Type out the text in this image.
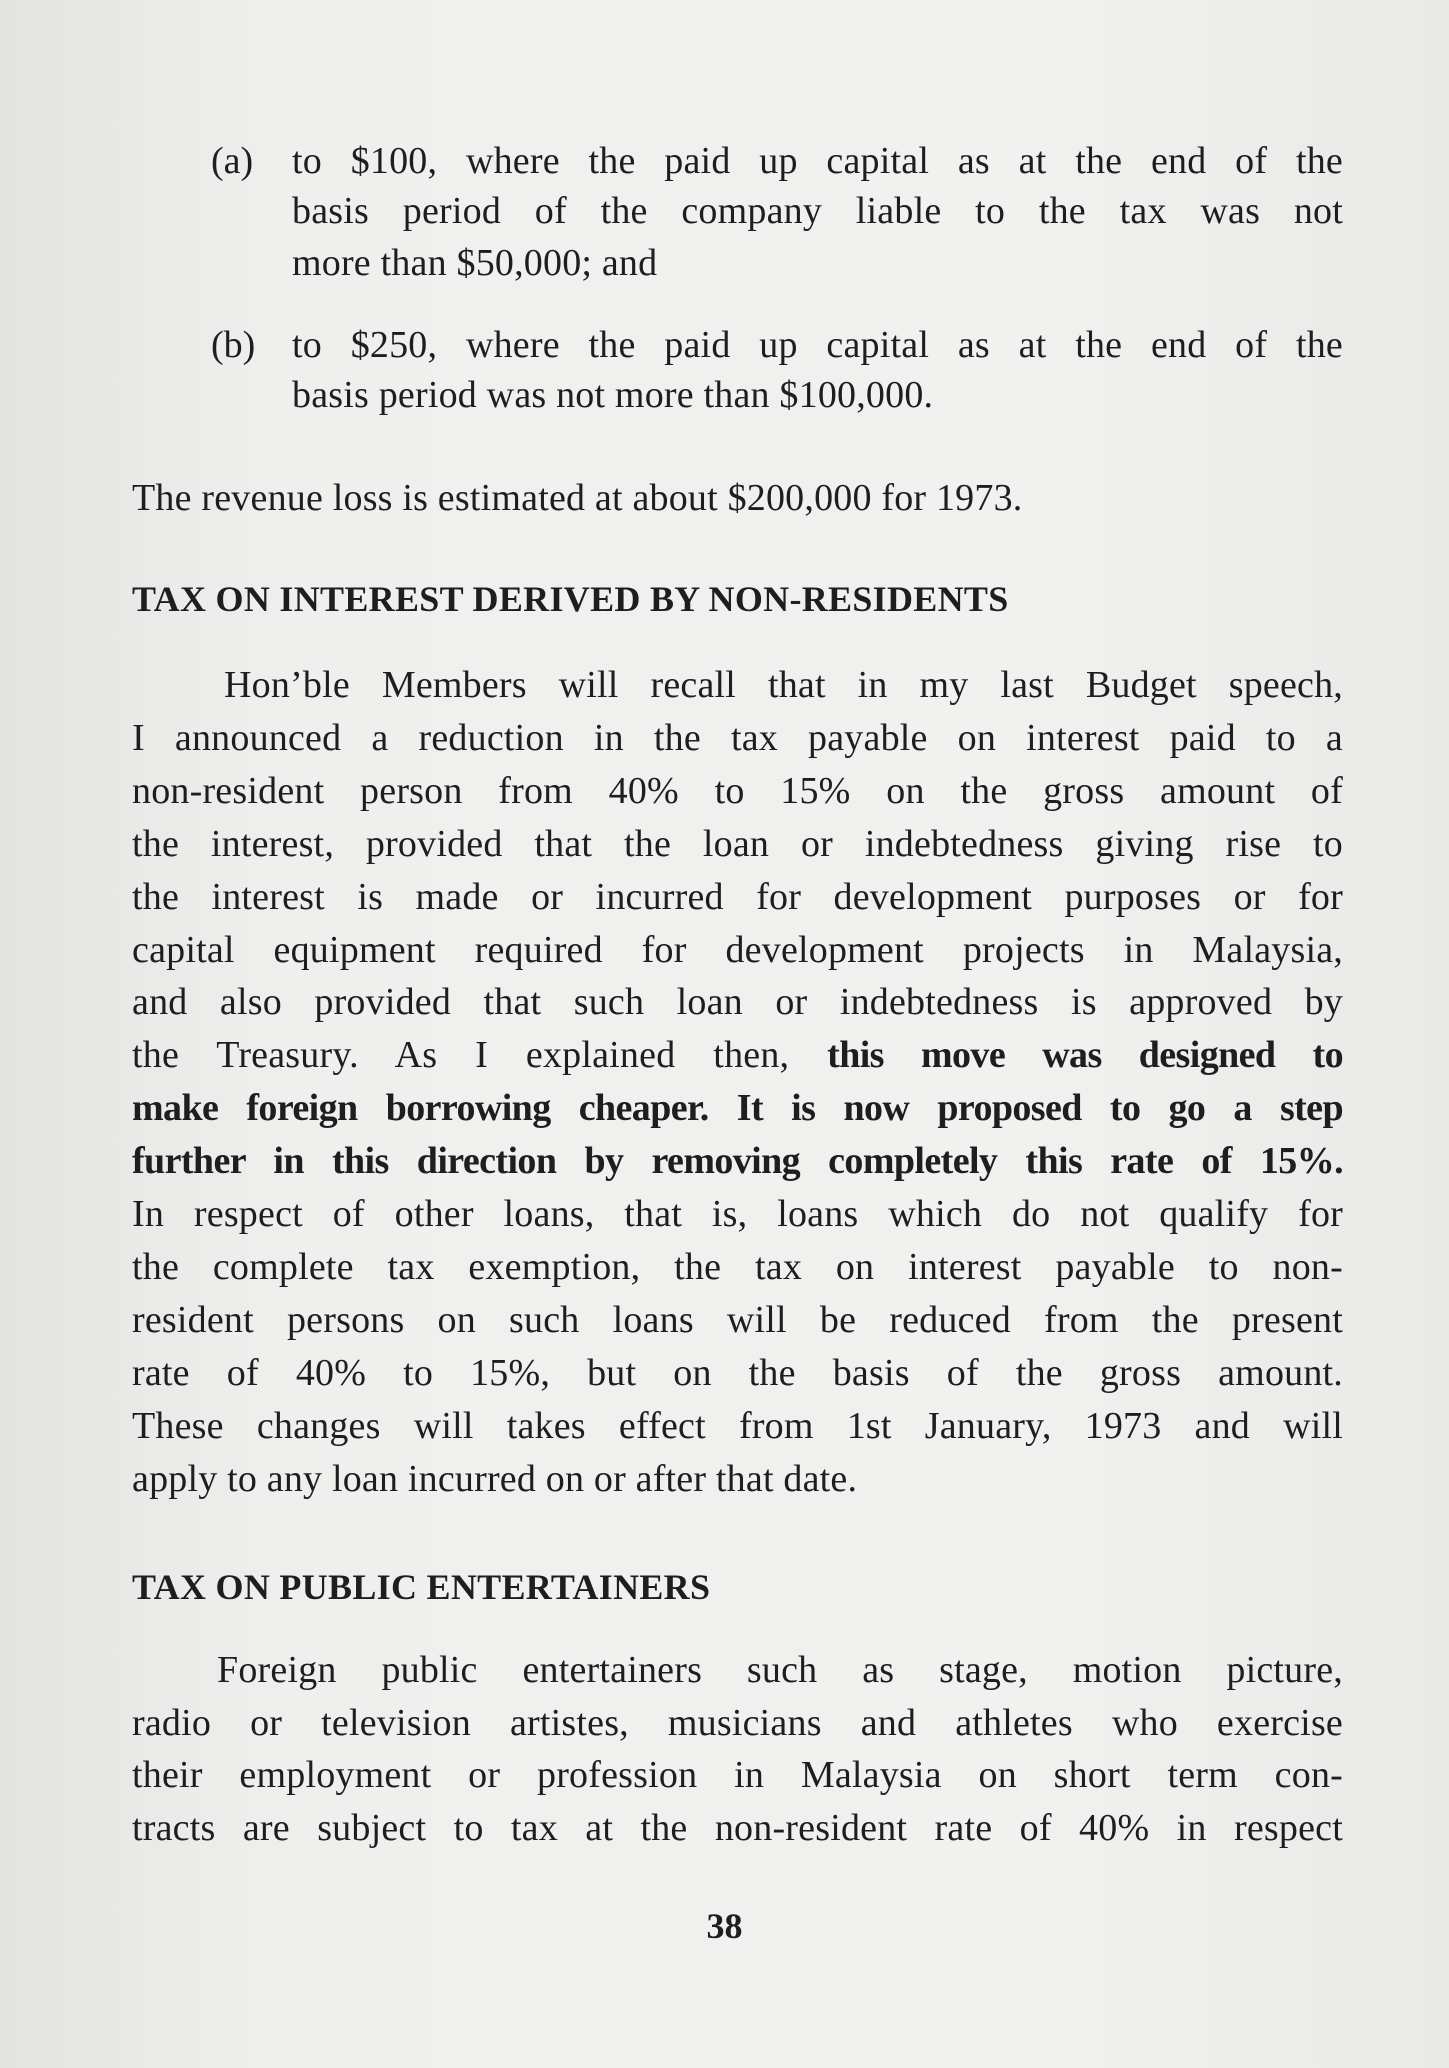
(a) to $100, where the paid up capital as at the end of the
basis period of the company liable to the tax was not
more than $50,000; and
(b) to $250, where the paid up capital as at the end of the
basis period was not more than $100,000.
The revenue loss is estimated at about $200,000 for 1973.
TAX ON INTEREST DERIVED BY NON-RESIDENTS
Hon’ble Members will recall that in my last Budget speech,
I announced a reduction in the tax payable on interest paid to a
non-resident person from 40% to 15% on the gross amount of
the interest, provided that the loan or indebtedness giving rise to
the interest is made or incurred for development purposes or for
capital equipment required for development projects in Malaysia,
and also provided that such loan or indebtedness is approved by
the Treasury. As I explained then, this move was designed to
make foreign borrowing cheaper. It is now proposed to go a step
further in this direction by removing completely this rate of 15%.
In respect of other loans, that is, loans which do not qualify for
the complete tax exemption, the tax on interest payable to non-
resident persons on such loans will be reduced from the present
rate of 40% to 15%, but on the basis of the gross amount.
These changes will takes effect from 1st January, 1973 and will
apply to any loan incurred on or after that date.
TAX ON PUBLIC ENTERTAINERS
Foreign public entertainers such as stage, motion picture,
radio or television artistes, musicians and athletes who exercise
their employment or profession in Malaysia on short term con-
tracts are subject to tax at the non-resident rate of 40% in respect
38
